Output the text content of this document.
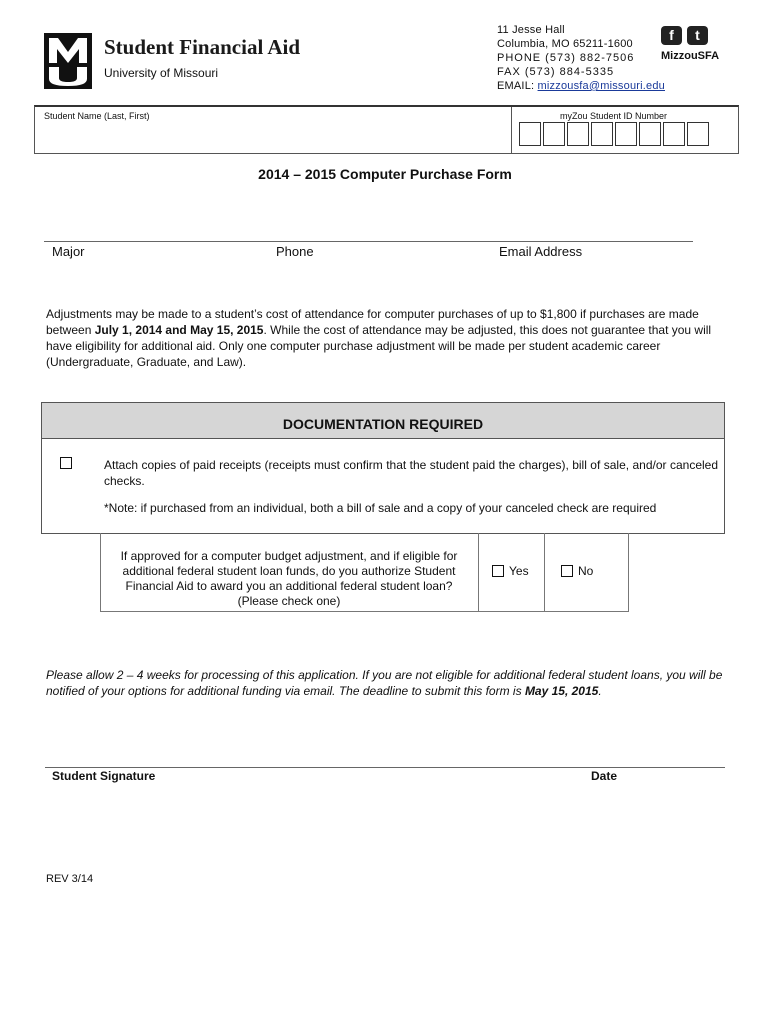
Student Financial Aid
University of Missouri
11 Jesse Hall
Columbia, MO 65211-1600
PHONE (573) 882-7506
FAX (573) 884-5335
EMAIL: mizzousfa@missouri.edu
f t
MizzouSFA
Student Name (Last, First)	myZou Student ID Number
2014 – 2015 Computer Purchase Form
Major	Phone	Email Address
Adjustments may be made to a student’s cost of attendance for computer purchases of up to $1,800 if purchases are made between July 1, 2014 and May 15, 2015. While the cost of attendance may be adjusted, this does not guarantee that you will have eligibility for additional aid. Only one computer purchase adjustment will be made per student academic career (Undergraduate, Graduate, and Law).
DOCUMENTATION REQUIRED
Attach copies of paid receipts (receipts must confirm that the student paid the charges), bill of sale, and/or canceled checks.
*Note: if purchased from an individual, both a bill of sale and a copy of your canceled check are required
If approved for a computer budget adjustment, and if eligible for additional federal student loan funds, do you authorize Student Financial Aid to award you an additional federal student loan? (Please check one)
Yes	No
Please allow 2 – 4 weeks for processing of this application. If you are not eligible for additional federal student loans, you will be notified of your options for additional funding via email. The deadline to submit this form is May 15, 2015.
Student Signature	Date
REV 3/14
